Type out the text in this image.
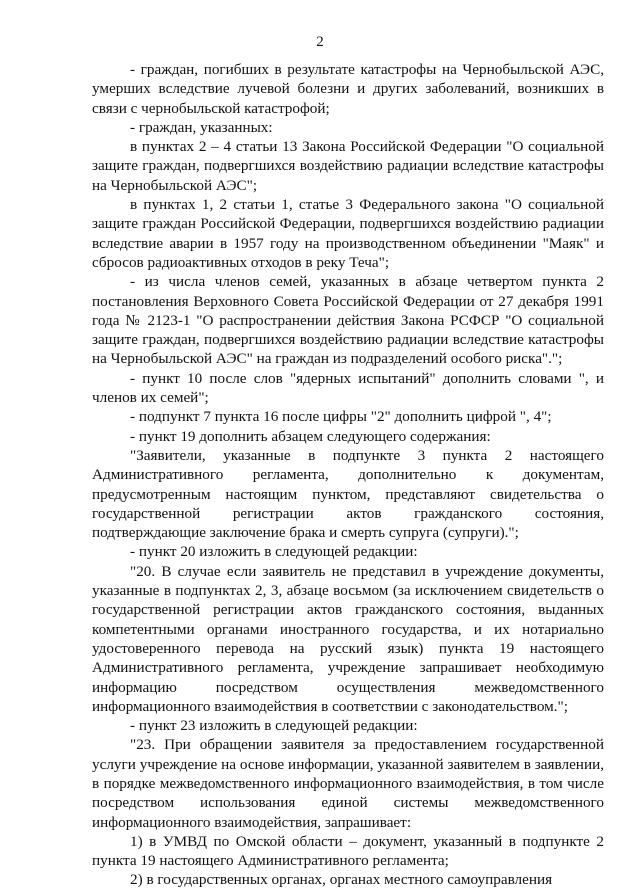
2

- граждан, погибших в результате катастрофы на Чернобыльской АЭС, умерших вследствие лучевой болезни и других заболеваний, возникших в связи с чернобыльской катастрофой;

- граждан, указанных:

в пунктах 2 – 4 статьи 13 Закона Российской Федерации "О социальной защите граждан, подвергшихся воздействию радиации вследствие катастрофы на Чернобыльской АЭС";

в пунктах 1, 2 статьи 1, статье 3 Федерального закона "О социальной защите граждан Российской Федерации, подвергшихся воздействию радиации вследствие аварии в 1957 году на производственном объединении "Маяк" и сбросов радиоактивных отходов в реку Теча";

- из числа членов семей, указанных в абзаце четвертом пункта 2 постановления Верховного Совета Российской Федерации от 27 декабря 1991 года № 2123-1 "О распространении действия Закона РСФСР "О социальной защите граждан, подвергшихся воздействию радиации вследствие катастрофы на Чернобыльской АЭС" на граждан из подразделений особого риска".";

- пункт 10 после слов "ядерных испытаний" дополнить словами ", и членов их семей";

- подпункт 7 пункта 16 после цифры "2" дополнить цифрой ", 4";

- пункт 19 дополнить абзацем следующего содержания:

"Заявители, указанные в подпункте 3 пункта 2 настоящего Административного регламента, дополнительно к документам, предусмотренным настоящим пунктом, представляют свидетельства о государственной регистрации актов гражданского состояния, подтверждающие заключение брака и смерть супруга (супруги).";

- пункт 20 изложить в следующей редакции:

"20. В случае если заявитель не представил в учреждение документы, указанные в подпунктах 2, 3, абзаце восьмом (за исключением свидетельств о государственной регистрации актов гражданского состояния, выданных компетентными органами иностранного государства, и их нотариально удостоверенного перевода на русский язык) пункта 19 настоящего Административного регламента, учреждение запрашивает необходимую информацию посредством осуществления межведомственного информационного взаимодействия в соответствии с законодательством.";

- пункт 23 изложить в следующей редакции:

"23. При обращении заявителя за предоставлением государственной услуги учреждение на основе информации, указанной заявителем в заявлении, в порядке межведомственного информационного взаимодействия, в том числе посредством использования единой системы межведомственного информационного взаимодействия, запрашивает:

1) в УМВД по Омской области – документ, указанный в подпункте 2 пункта 19 настоящего Административного регламента;

2) в государственных органах, органах местного самоуправления
